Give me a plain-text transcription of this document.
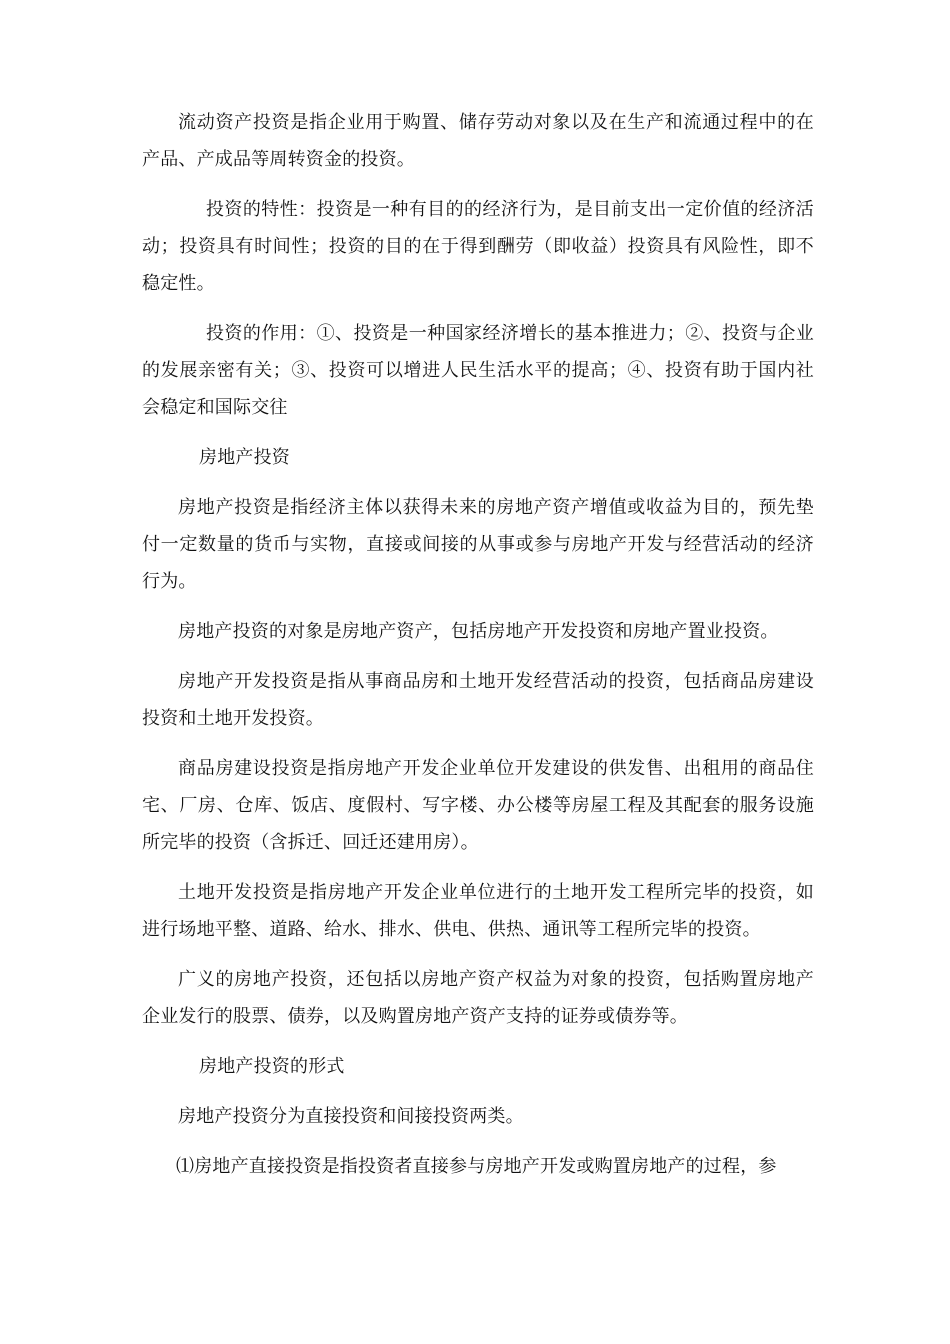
流动资产投资是指企业用于购置、储存劳动对象以及在生产和流通过程中的在产品、产成品等周转资金的投资。

投资的特性：投资是一种有目的的经济行为，是目前支出一定价值的经济活动；投资具有时间性；投资的目的在于得到酬劳（即收益）投资具有风险性，即不稳定性。

投资的作用：①、投资是一种国家经济增长的基本推进力；②、投资与企业的发展亲密有关；③、投资可以增进人民生活水平的提高；④、投资有助于国内社会稳定和国际交往

房地产投资

房地产投资是指经济主体以获得未来的房地产资产增值或收益为目的，预先垫付一定数量的货币与实物，直接或间接的从事或参与房地产开发与经营活动的经济行为。

房地产投资的对象是房地产资产，包括房地产开发投资和房地产置业投资。

房地产开发投资是指从事商品房和土地开发经营活动的投资，包括商品房建设投资和土地开发投资。

商品房建设投资是指房地产开发企业单位开发建设的供发售、出租用的商品住宅、厂房、仓库、饭店、度假村、写字楼、办公楼等房屋工程及其配套的服务设施所完毕的投资（含拆迁、回迁还建用房）。

土地开发投资是指房地产开发企业单位进行的土地开发工程所完毕的投资，如进行场地平整、道路、给水、排水、供电、供热、通讯等工程所完毕的投资。

广义的房地产投资，还包括以房地产资产权益为对象的投资，包括购置房地产企业发行的股票、债券，以及购置房地产资产支持的证券或债券等。

房地产投资的形式

房地产投资分为直接投资和间接投资两类。

⑴房地产直接投资是指投资者直接参与房地产开发或购置房地产的过程，参
